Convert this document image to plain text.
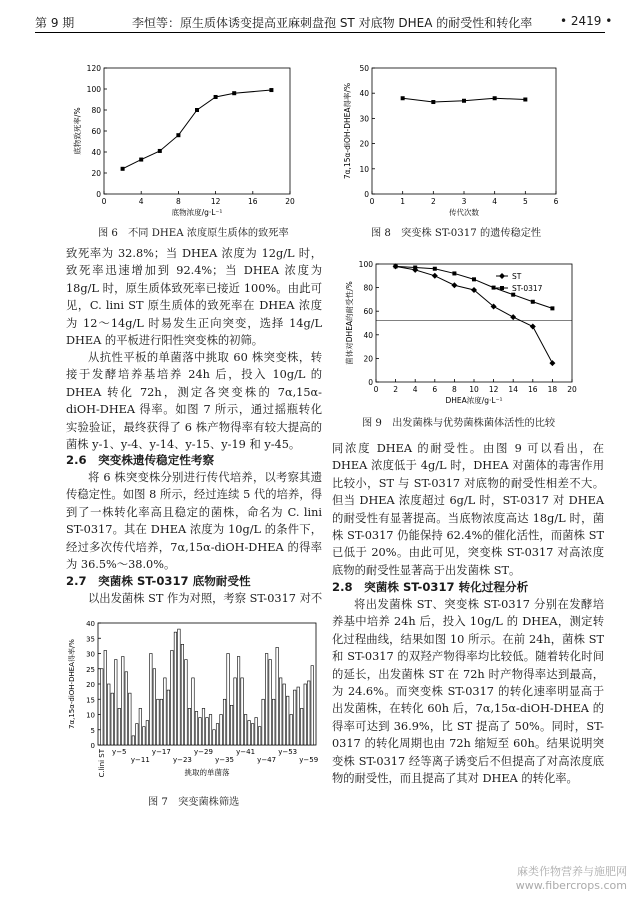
第 9 期	李恒等：原生质体诱变提高亚麻刺盘孢 ST 对底物 DHEA 的耐受性和转化率 • 2419 •
0
20
40
60
80
100
120
0	4	8	12	16	20
底物浓度/g·L⁻¹
底物致死率/%
图 6　不同 DHEA 浓度原生质体的致死率
0
10
20
30
40
50
0	1	2	3	4	5	6
传代次数
7α,15α-diOH-DHEA得率/%
图 8　突变株 ST-0317 的遗传稳定性
0
20
40
60
80
100
0 2 4 6 8 10 12 14 16 18 20
DHEA浓度/g·L⁻¹
菌体对DHEA的耐受性/%
ST
ST-0317
图 9　出发菌株与优势菌株菌体活性的比较

致死率为 32.8%；当 DHEA 浓度为 12g/L 时，致死率迅速增加到 92.4%；当 DHEA 浓度为 18g/L 时，原生质体致死率已接近 100%。由此可见，C. lini ST 原生质体的致死率在 DHEA 浓度为 12～14g/L 时易发生正向突变，选择 14g/L DHEA 的平板进行阳性突变株的初筛。

从抗性平板的单菌落中挑取 60 株突变株，转接于发酵培养基培养 24h 后，投入 10g/L 的 DHEA 转化 72h，测定各突变株的 7α,15α-diOH-DHEA 得率。如图 7 所示，通过摇瓶转化实验验证，最终获得了 6 株产物得率有较大提高的菌株 y-1、y-4、y-14、y-15、y-19 和 y-45。

2.6　突变株遗传稳定性考察

将 6 株突变株分别进行传代培养，以考察其遗传稳定性。如图 8 所示，经过连续 5 代的培养，得到了一株转化率高且稳定的菌株，命名为 C. lini ST-0317。其在 DHEA 浓度为 10g/L 的条件下，经过多次传代培养，7α,15α-diOH-DHEA 的得率为 36.5%～38.0%。

2.7　突菌株 ST-0317 底物耐受性

以出发菌株 ST 作为对照，考察 ST-0317 对不

0
5
10
15
20
25
30
35
40
C.lini ST y−5
y−11
y−17
y−23
y−29
y−35
y−41
y−47
y−53
y−59
挑取的单菌落
7α,15α-diOH-DHEA得率/%
图 7　突变菌株筛选

同浓度 DHEA 的耐受性。由图 9 可以看出，在 DHEA 浓度低于 4g/L 时，DHEA 对菌体的毒害作用比较小，ST 与 ST-0317 对底物的耐受性相差不大。但当 DHEA 浓度超过 6g/L 时，ST-0317 对 DHEA 的耐受性有显著提高。当底物浓度高达 18g/L 时，菌株 ST-0317 仍能保持 62.4%的催化活性，而菌株 ST 已低于 20%。由此可见，突变株 ST-0317 对高浓度底物的耐受性显著高于出发菌株 ST。

2.8　突菌株 ST-0317 转化过程分析

将出发菌株 ST、突变株 ST-0317 分别在发酵培养基中培养 24h 后，投入 10g/L 的 DHEA，测定转化过程曲线，结果如图 10 所示。在前 24h，菌株 ST 和 ST-0317 的双羟产物得率均比较低。随着转化时间的延长，出发菌株 ST 在 72h 时产物得率达到最高，为 24.6%。而突变株 ST-0317 的转化速率明显高于出发菌株，在转化 60h 后，7α,15α-diOH-DHEA 的得率可达到 36.9%，比 ST 提高了 50%。同时，ST-0317 的转化周期也由 72h 缩短至 60h。结果说明突变株 ST-0317 经等离子诱变后不但提高了对高浓度底物的耐受性，而且提高了其对 DHEA 的转化率。

麻类作物营养与施肥网
www.fibercrops.com
